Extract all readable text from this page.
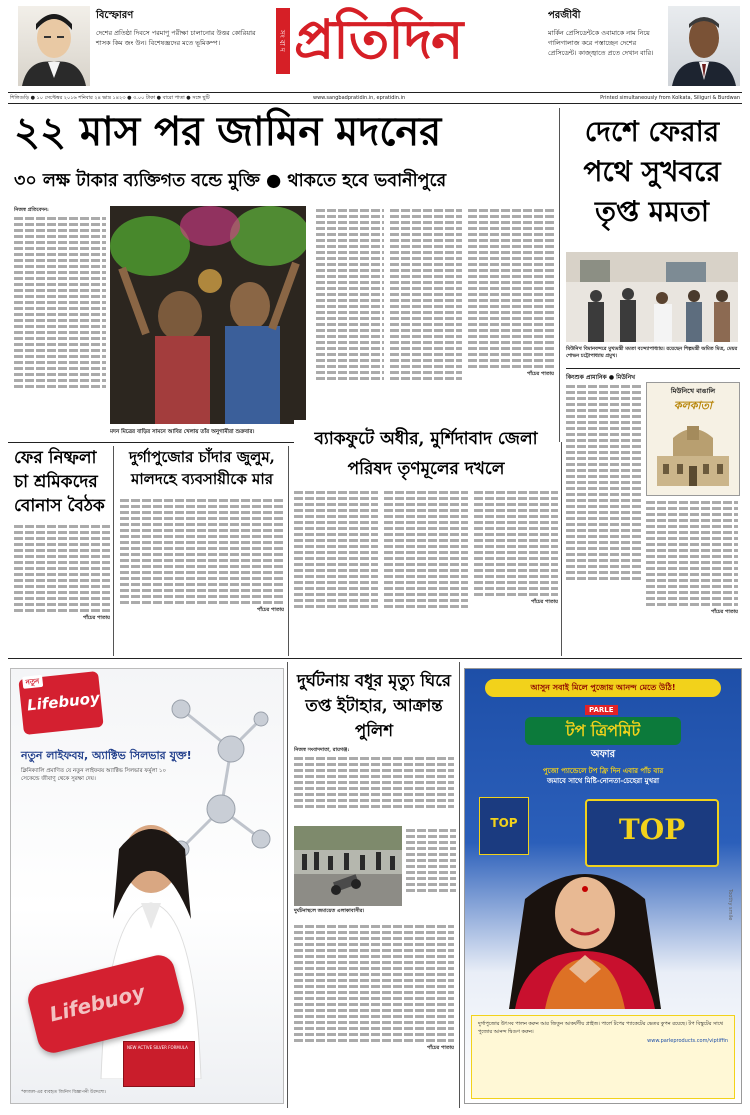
বিস্ফোরণ
দেশের প্রতিষ্ঠা দিবসে পরমাণু পরীক্ষা চালানোর উত্তর কোরিয়ার শাসক কিম জং উন। বিশেষজ্ঞদের মতে ভূমিকম্প।	সং বা দ প্রতিদিন	পরজীবী
মার্কিন প্রেসিডেন্টকে ওবামাকে নাম নিয়ে গালিগালাজ করে পস্তাচ্ছেন দেশের প্রেসিডেন্ট। কাজ্জ্বাতে প্রতে দেখান বারি।
শিলিগুড়ি ● ১০ সেপ্টেম্বর ২০১৬ শনিবার ২৪ ভাদ্র ১৪২৩ ● ৩.০০ টাকা ● বারো পাতা ● সঙ্গে ছুটি	www.sangbadpratidin.in, epratidin.in	Printed simultaneously from Kolkata, Siliguri & Burdwan
২২ মাস পর জামিন মদনের
৩০ লক্ষ টাকার ব্যক্তিগত বন্ডে মুক্তি ● থাকতে হবে ভবানীপুরে
নিজস্ব প্রতিবেদন:
মদন মিত্রের বাড়ির সামনে আবির খেলায় তাঁর অনুগামীরা শুক্রবার।
পাঁচের পাতায়
দেশে ফেরার পথে সুখবরে তৃপ্ত মমতা
মিউনিখ বিমানবন্দরে মুখ্যমন্ত্রী মমতা বন্দ্যোপাধ্যায়। রয়েছেন শিল্পমন্ত্রী অমিত মিত্র, মেয়র শোভন চট্টোপাধ্যায় প্রমুখ।
কিংশুক প্রামানিক ● মিউনিখ
মিউনিখে বাঙালি
কলকাতা
পাঁচের পাতায়
ফের নিষ্ফলা চা শ্রমিকদের বোনাস বৈঠক
পাঁচের পাতায়
দুর্গাপুজোর চাঁদার জুলুম, মালদহে ব্যবসায়ীকে মার
পাঁচের পাতায়
ব্যাকফুটে অধীর, মুর্শিদাবাদ জেলা পরিষদ তৃণমূলের দখলে
পাঁচের পাতায়
নতুন
Lifebuoy
নতুন লাইফবয়, অ্যাক্টিভ সিলভার যুক্ত!
ক্লিনিক্যালি প্রমাণিত যে নতুন লাইফবয় অ্যাক্টিভ সিলভার ফর্মুলা ১০ সেকেন্ডে জীবাণু থেকে সুরক্ষা দেয়।
Lifebuoy
NEW ACTIVE SILVER FORMULA
*কাজল-এর ব্যবহৃত জিনিস বিজ্ঞাপনী উদ্দেশ্যে।
দুর্ঘটনায় বধূর মৃত্যু ঘিরে তপ্ত ইটাহার, আক্রান্ত পুলিশ
নিজস্ব সংবাদদাতা, রায়গঞ্জ:
দুর্ঘটনাস্থলে জমায়েত এলাকাবাসীর।
পাঁচের পাতায়
আসুন সবাই মিলে পুজোয় আনন্দ মেতে উঠি!
PARLE
টপ ত্রিপমিট
অফার
পুজো প্যান্ডেলে টপ ফ্রি দিন এবার পাঁচ বার
জমাবে সাথে মিষ্টি-নোনতা-চেহেরা মুখরা
TOP	TOP
দুর্গাপুজোর উৎসব পালন করুন আর জিতুন আকর্ষণীয় প্রাইজ। পার্লে টপের প্যাকেটের ভেতর কুপন রয়েছে। টপ বিস্কুটের সাথে পুজোর আনন্দ দ্বিগুণ করুন।
www.parleproducts.com/viptiffin
Toothy smile
